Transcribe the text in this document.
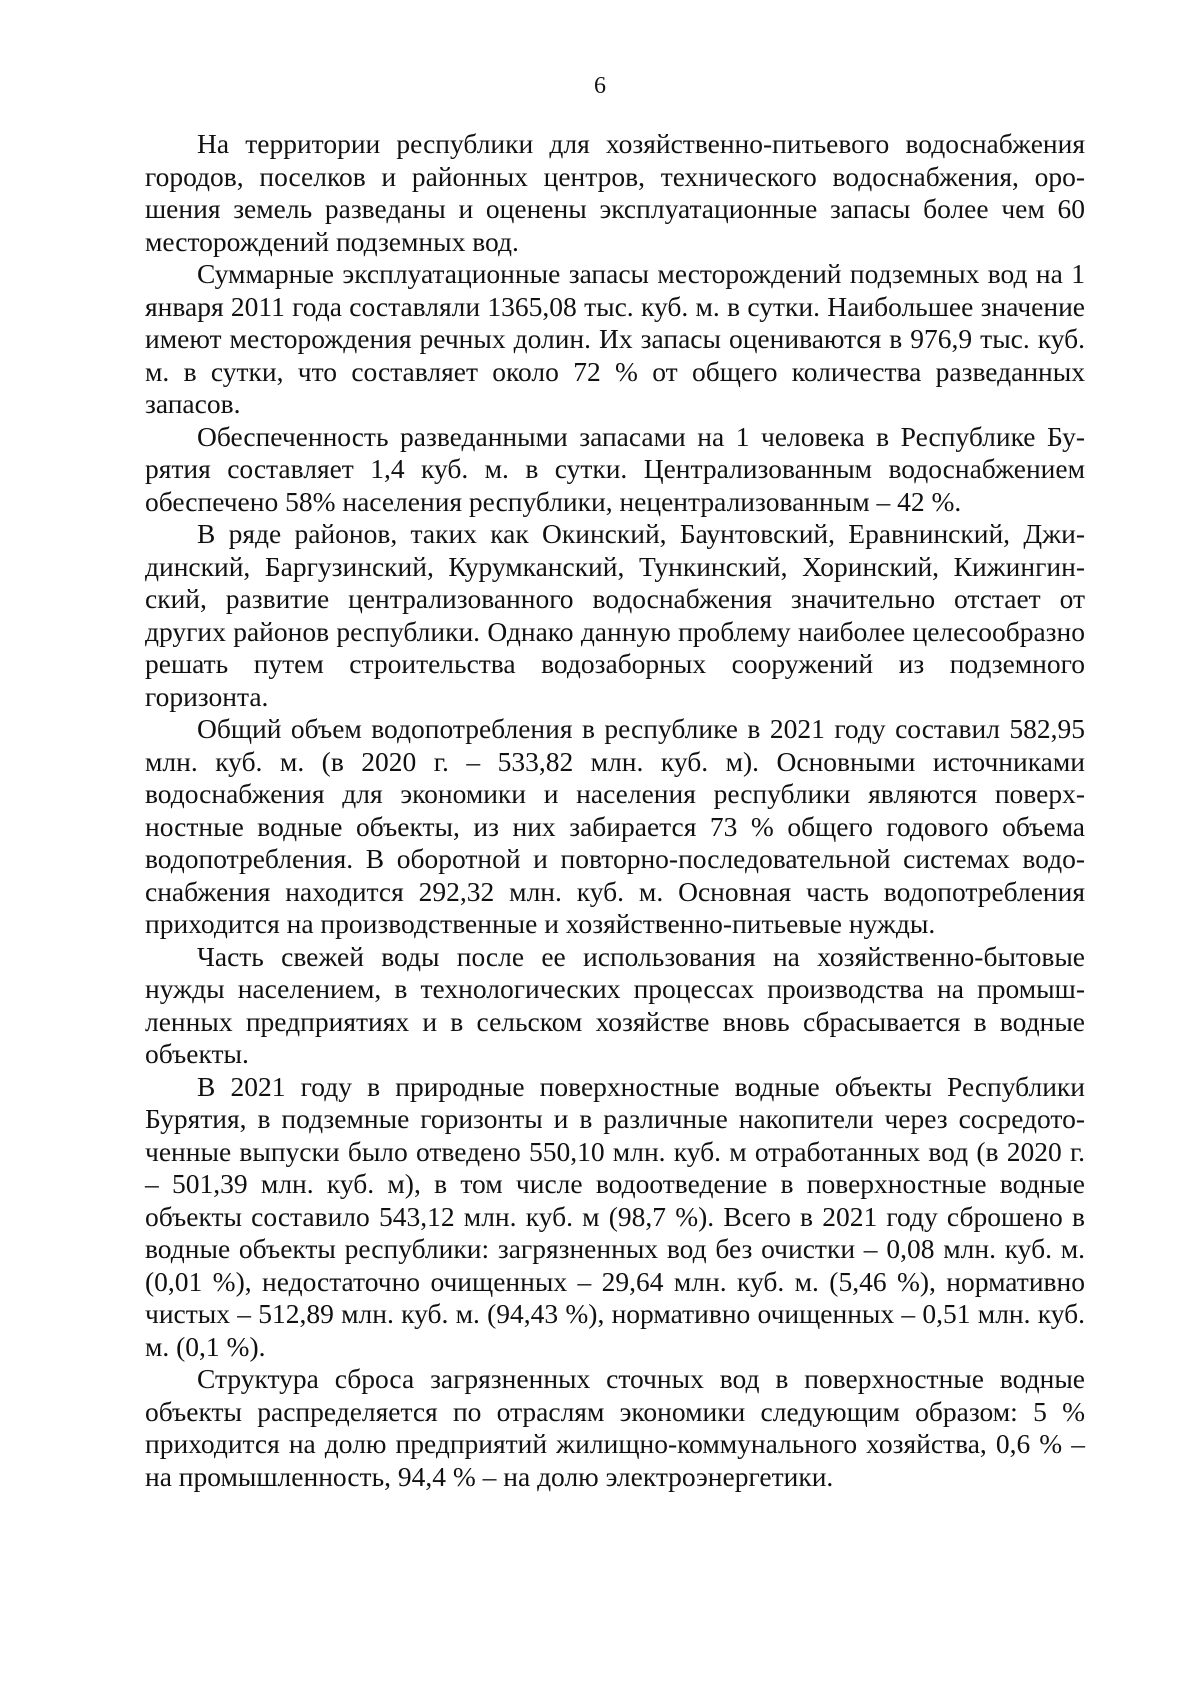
6

На территории республики для хозяйственно-питьевого водоснабжения городов, поселков и районных центров, технического водоснабжения, орошения земель разведаны и оценены эксплуатационные запасы более чем 60 месторождений подземных вод.

Суммарные эксплуатационные запасы месторождений подземных вод на 1 января 2011 года составляли 1365,08 тыс. куб. м. в сутки. Наибольшее значение имеют месторождения речных долин. Их запасы оцениваются в 976,9 тыс. куб. м. в сутки, что составляет около 72 % от общего количества разведанных запасов.

Обеспеченность разведанными запасами на 1 человека в Республике Бурятия составляет 1,4 куб. м. в сутки. Централизованным водоснабжением обеспечено 58% населения республики, нецентрализованным – 42 %.

В ряде районов, таких как Окинский, Баунтовский, Еравнинский, Джидинский, Баргузинский, Курумканский, Тункинский, Хоринский, Кижингинский, развитие централизованного водоснабжения значительно отстает от других районов республики. Однако данную проблему наиболее целесообразно решать путем строительства водозаборных сооружений из подземного горизонта.

Общий объем водопотребления в республике в 2021 году составил 582,95 млн. куб. м. (в 2020 г. – 533,82 млн. куб. м). Основными источниками водоснабжения для экономики и населения республики являются поверхностные водные объекты, из них забирается 73 % общего годового объема водопотребления. В оборотной и повторно-последовательной системах водоснабжения находится 292,32 млн. куб. м. Основная часть водопотребления приходится на производственные и хозяйственно-питьевые нужды.

Часть свежей воды после ее использования на хозяйственно-бытовые нужды населением, в технологических процессах производства на промышленных предприятиях и в сельском хозяйстве вновь сбрасывается в водные объекты.

В 2021 году в природные поверхностные водные объекты Республики Бурятия, в подземные горизонты и в различные накопители через сосредоточенные выпуски было отведено 550,10 млн. куб. м отработанных вод (в 2020 г. – 501,39 млн. куб. м), в том числе водоотведение в поверхностные водные объекты составило 543,12 млн. куб. м (98,7 %). Всего в 2021 году сброшено в водные объекты республики: загрязненных вод без очистки – 0,08 млн. куб. м. (0,01 %), недостаточно очищенных – 29,64 млн. куб. м. (5,46 %), нормативно чистых – 512,89 млн. куб. м. (94,43 %), нормативно очищенных – 0,51 млн. куб. м. (0,1 %).

Структура сброса загрязненных сточных вод в поверхностные водные объекты распределяется по отраслям экономики следующим образом: 5 % приходится на долю предприятий жилищно-коммунального хозяйства, 0,6 % – на промышленность, 94,4 % – на долю электроэнергетики.
